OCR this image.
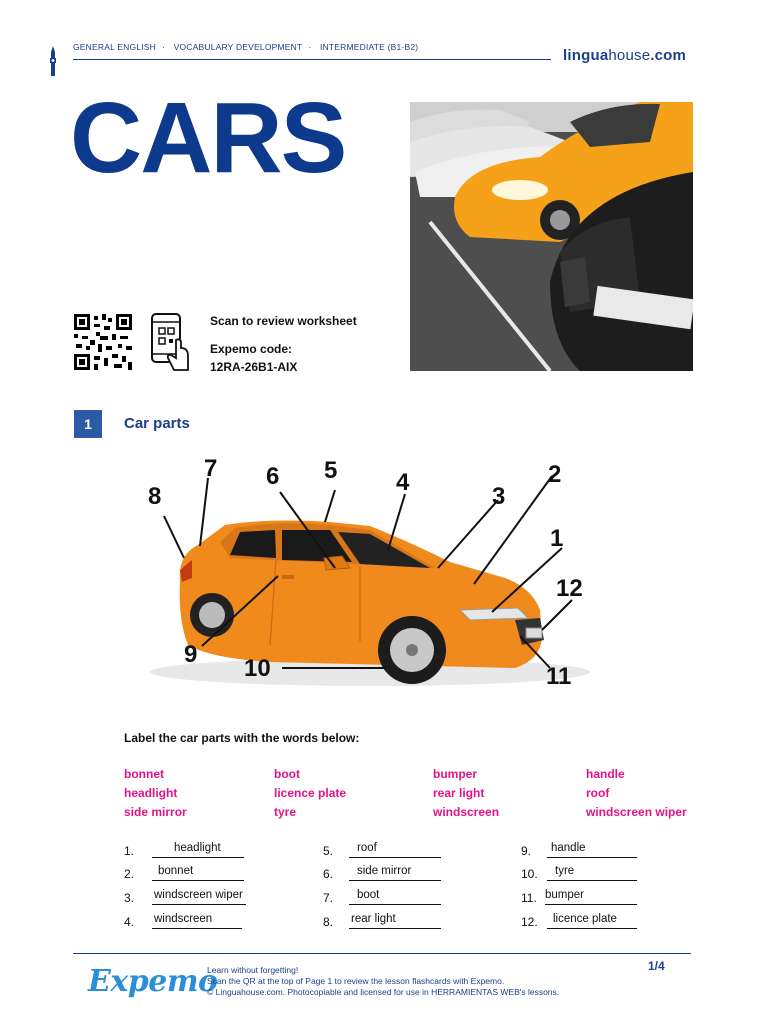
GENERAL ENGLISH · VOCABULARY DEVELOPMENT · INTERMEDIATE (B1-B2)	linguahouse.com
CARS
Scan to review worksheet
Expemo code:
12RA-26B1-AIX
1	Car parts
1
2
3
4
5
6
7
8
9
10	11
12
Label the car parts with the words below:
bonnet	boot	bumper	handle
headlight	licence plate	rear light	roof
side mirror	tyre	windscreen	windscreen wiper
1.	headlight
2.	bonnet
3.	windscreen wiper
4.	windscreen
5.	roof
6.	side mirror
7.	boot
8.	rear light
9.	handle
10.	tyre
11. bumper
12.	licence plate
Expemo
Learn without forgetting!
Scan the QR at the top of Page 1 to review the lesson flashcards with Expemo.
© Linguahouse.com. Photocopiable and licensed for use in HERRAMIENTAS WEB's lessons.
1/4
